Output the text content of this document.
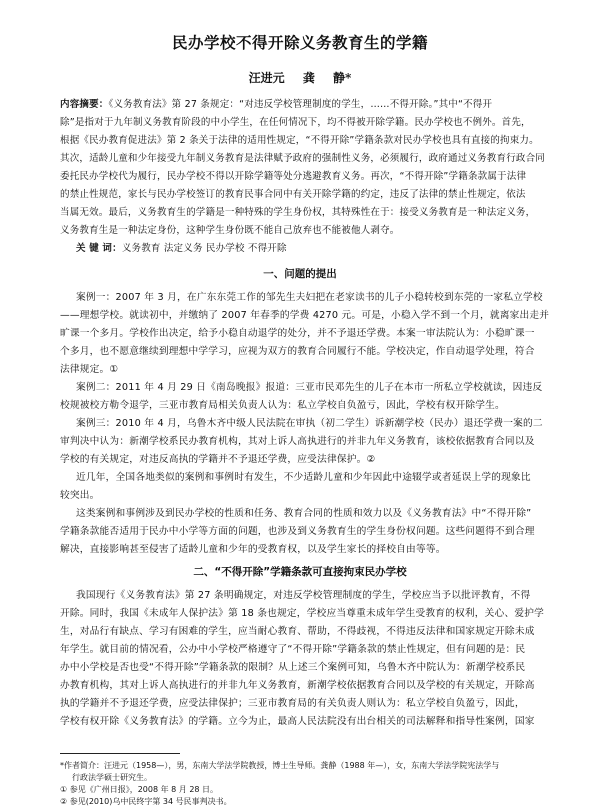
民办学校不得开除义务教育生的学籍
汪进元 龚 静*
内容摘要：《义务教育法》第 27 条规定：“对违反学校管理制度的学生，……不得开除。”其中“不得开
除”是指对于九年制义务教育阶段的中小学生，在任何情况下，均不得被开除学籍。民办学校也不例外。首先，
根据《民办教育促进法》第 2 条关于法律的适用性规定，“不得开除”学籍条款对民办学校也具有直接的拘束力。
其次，适龄儿童和少年接受九年制义务教育是法律赋予政府的强制性义务，必须履行，政府通过义务教育行政合同
委托民办学校代为履行，民办学校不得以开除学籍等处分逃避教育义务。再次，“不得开除”学籍条款属于法律
的禁止性规范，家长与民办学校签订的教育民事合同中有关开除学籍的约定，违反了法律的禁止性规定，依法
当属无效。最后，义务教育生的学籍是一种特殊的学生身份权，其特殊性在于：接受义务教育是一种法定义务，
义务教育生是一种法定身份，这种学生身份既不能自己放弃也不能被他人剥夺。
关 键 词：义务教育 法定义务 民办学校 不得开除
一、问题的提出
案例一：2007 年 3 月，在广东东莞工作的邹先生夫妇把在老家读书的儿子小稳转校到东莞的一家私立学校
——理想学校。就读初中，并缴纳了 2007 年春季的学费 4270 元。可是，小稳入学不到一个月，就离家出走并
旷课一个多月。学校作出决定，给予小稳自动退学的处分，并不予退还学费。本案一审法院认为：小稳旷课一
个多月，也不愿意继续到理想中学学习，应视为双方的教育合同履行不能。学校决定，作自动退学处理，符合
法律规定。①
案例二：2011 年 4 月 29 日《南岛晚报》报道：三亚市民邓先生的儿子在本市一所私立学校就读，因违反
校规被校方勒令退学，三亚市教育局相关负责人认为：私立学校自负盈亏，因此，学校有权开除学生。
案例三：2010 年 4 月，乌鲁木齐中级人民法院在审执（初二学生）诉新潮学校（民办）退还学费一案的二
审判决中认为：新潮学校系民办教育机构，其对上诉人高执进行的并非九年义务教育，该校依据教育合同以及
学校的有关规定，对违反高执的学籍并不予退还学费，应受法律保护。②
近几年，全国各地类似的案例和事例时有发生，不少适龄儿童和少年因此中途辍学或者延误上学的现象比
较突出。
这类案例和事例涉及到民办学校的性质和任务、教育合同的性质和效力以及《义务教育法》中“不得开除”
学籍条款能否适用于民办中小学等方面的问题，也涉及到义务教育生的学生身份权问题。这些问题得不到合理
解决，直接影响甚至侵害了适龄儿童和少年的受教育权，以及学生家长的择校自由等等。
二、“不得开除”学籍条款可直接拘束民办学校
我国现行《义务教育法》第 27 条明确规定，对违反学校管理制度的学生，学校应当予以批评教育，不得
开除。同时，我国《未成年人保护法》第 18 条也规定，学校应当尊重未成年学生受教育的权利，关心、爱护学
生，对品行有缺点、学习有困难的学生，应当耐心教育、帮助，不得歧视，不得违反法律和国家规定开除未成
年学生。就目前的情况看，公办中小学校严格遵守了“不得开除”学籍条款的禁止性规定，但有问题的是：民
办中小学校是否也受“不得开除”学籍条款的限制？从上述三个案例可知，乌鲁木齐中院认为：新潮学校系民
办教育机构，其对上诉人高执进行的并非九年义务教育，新潮学校依据教育合同以及学校的有关规定，开除高
执的学籍并不予退还学费，应受法律保护；三亚市教育局的有关负责人则认为：私立学校自负盈亏，因此，
学校有权开除《义务教育法》的学籍。立今为止，最高人民法院没有出台相关的司法解释和指导性案例，国家
*作者简介：汪进元（1958—），男，东南大学法学院教授，博士生导师。龚静（1988 年—），女，东南大学法学院宪法学与
行政法学硕士研究生。
① 参见《广州日报》，2008 年 8 月 28 日。
② 参见(2010)乌中民终字第 34 号民事判决书。
